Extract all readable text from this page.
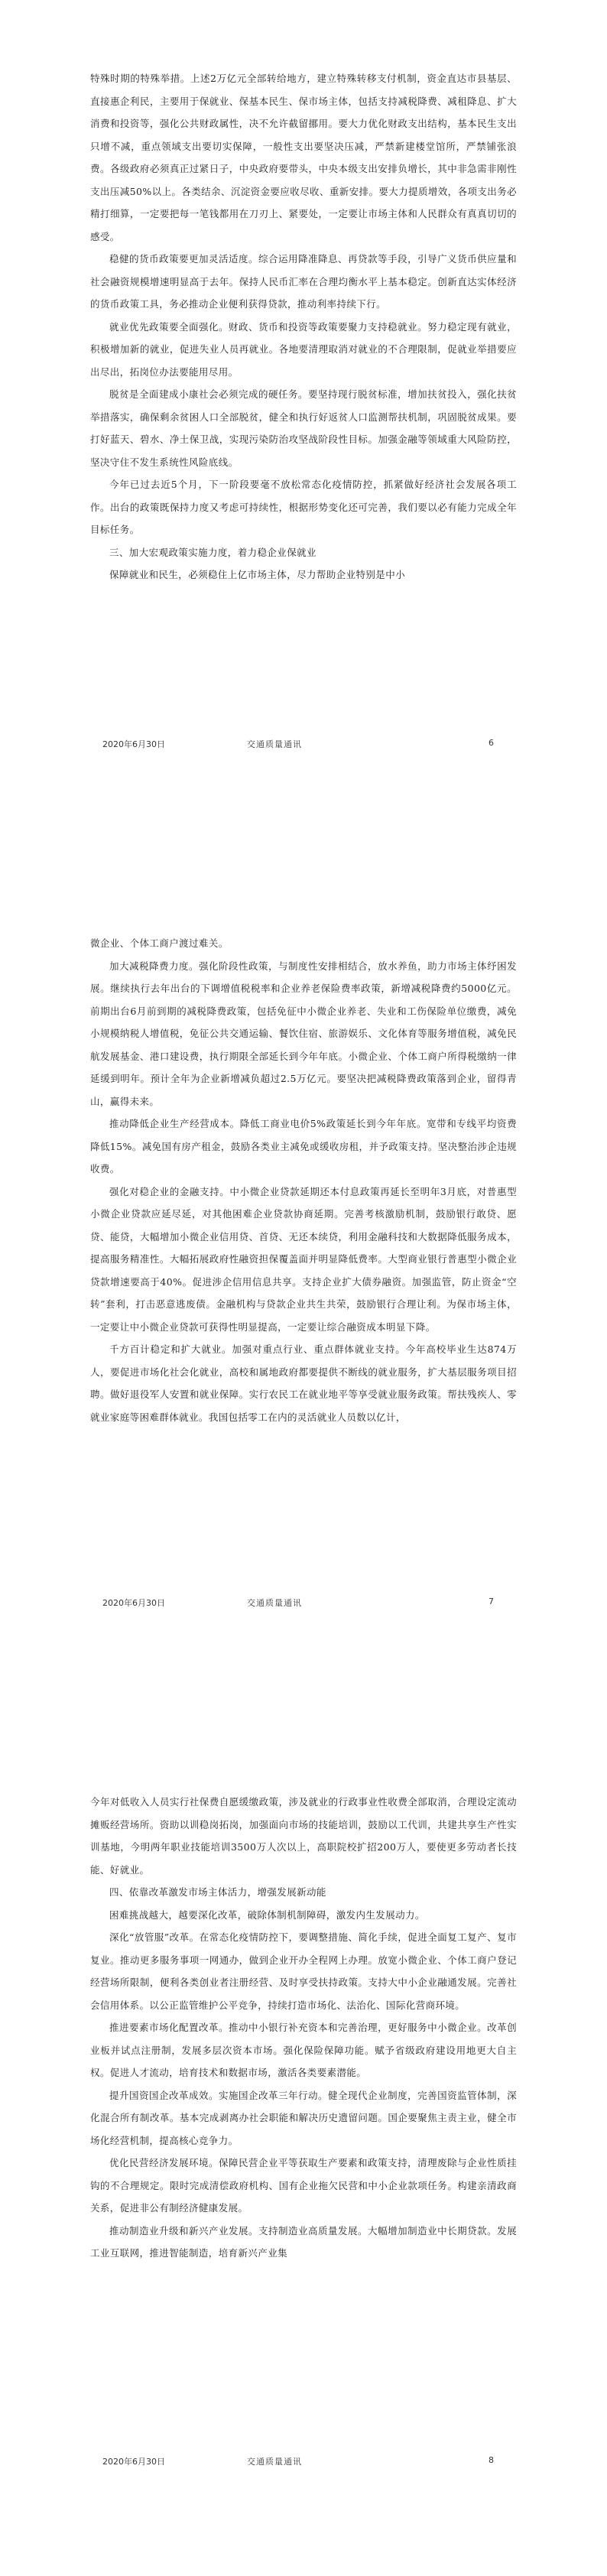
特殊时期的特殊举措。上述2万亿元全部转给地方，建立特殊转移支付机制，资金直达市县基层、直接惠企利民，主要用于保就业、保基本民生、保市场主体，包括支持减税降费、减租降息、扩大消费和投资等，强化公共财政属性，决不允许截留挪用。要大力优化财政支出结构，基本民生支出只增不减，重点领域支出要切实保障，一般性支出要坚决压减，严禁新建楼堂馆所，严禁铺张浪费。各级政府必须真正过紧日子，中央政府要带头，中央本级支出安排负增长，其中非急需非刚性支出压减50%以上。各类结余、沉淀资金要应收尽收、重新安排。要大力提质增效，各项支出务必精打细算，一定要把每一笔钱都用在刀刃上、紧要处，一定要让市场主体和人民群众有真真切切的感受。

稳健的货币政策要更加灵活适度。综合运用降准降息、再贷款等手段，引导广义货币供应量和社会融资规模增速明显高于去年。保持人民币汇率在合理均衡水平上基本稳定。创新直达实体经济的货币政策工具，务必推动企业便利获得贷款，推动利率持续下行。

就业优先政策要全面强化。财政、货币和投资等政策要聚力支持稳就业。努力稳定现有就业，积极增加新的就业，促进失业人员再就业。各地要清理取消对就业的不合理限制，促就业举措要应出尽出，拓岗位办法要能用尽用。

脱贫是全面建成小康社会必须完成的硬任务。要坚持现行脱贫标准，增加扶贫投入，强化扶贫举措落实，确保剩余贫困人口全部脱贫，健全和执行好返贫人口监测帮扶机制，巩固脱贫成果。要打好蓝天、碧水、净土保卫战，实现污染防治攻坚战阶段性目标。加强金融等领域重大风险防控，坚决守住不发生系统性风险底线。

今年已过去近5个月，下一阶段要毫不放松常态化疫情防控，抓紧做好经济社会发展各项工作。出台的政策既保持力度又考虑可持续性，根据形势变化还可完善，我们要以必有能力完成全年目标任务。

三、加大宏观政策实施力度，着力稳企业保就业

保障就业和民生，必须稳住上亿市场主体，尽力帮助企业特别是中小

2020年6月30日	交通质量通讯	6

微企业、个体工商户渡过难关。

加大减税降费力度。强化阶段性政策，与制度性安排相结合，放水养鱼，助力市场主体纾困发展。继续执行去年出台的下调增值税税率和企业养老保险费率政策，新增减税降费约5000亿元。前期出台6月前到期的减税降费政策，包括免征中小微企业养老、失业和工伤保险单位缴费，减免小规模纳税人增值税，免征公共交通运输、餐饮住宿、旅游娱乐、文化体育等服务增值税，减免民航发展基金、港口建设费，执行期限全部延长到今年年底。小微企业、个体工商户所得税缴纳一律延缓到明年。预计全年为企业新增减负超过2.5万亿元。要坚决把减税降费政策落到企业，留得青山，赢得未来。

推动降低企业生产经营成本。降低工商业电价5%政策延长到今年年底。宽带和专线平均资费降低15%。减免国有房产租金，鼓励各类业主减免或缓收房租，并予政策支持。坚决整治涉企违规收费。

强化对稳企业的金融支持。中小微企业贷款延期还本付息政策再延长至明年3月底，对普惠型小微企业贷款应延尽延，对其他困难企业贷款协商延期。完善考核激励机制，鼓励银行敢贷、愿贷、能贷，大幅增加小微企业信用贷、首贷、无还本续贷，利用金融科技和大数据降低服务成本，提高服务精准性。大幅拓展政府性融资担保覆盖面并明显降低费率。大型商业银行普惠型小微企业贷款增速要高于40%。促进涉企信用信息共享。支持企业扩大债券融资。加强监管，防止资金“空转”套利，打击恶意逃废债。金融机构与贷款企业共生共荣，鼓励银行合理让利。为保市场主体，一定要让中小微企业贷款可获得性明显提高，一定要让综合融资成本明显下降。

千方百计稳定和扩大就业。加强对重点行业、重点群体就业支持。今年高校毕业生达874万人，要促进市场化社会化就业，高校和属地政府都要提供不断线的就业服务，扩大基层服务项目招聘。做好退役军人安置和就业保障。实行农民工在就业地平等享受就业服务政策。帮扶残疾人、零就业家庭等困难群体就业。我国包括零工在内的灵活就业人员数以亿计，

2020年6月30日	交通质量通讯	7

今年对低收入人员实行社保费自愿缓缴政策，涉及就业的行政事业性收费全部取消，合理设定流动摊贩经营场所。资助以训稳岗拓岗，加强面向市场的技能培训，鼓励以工代训，共建共享生产性实训基地，今明两年职业技能培训3500万人次以上，高职院校扩招200万人，要使更多劳动者长技能、好就业。

四、依靠改革激发市场主体活力，增强发展新动能

困难挑战越大，越要深化改革，破除体制机制障碍，激发内生发展动力。

深化“放管服”改革。在常态化疫情防控下，要调整措施、简化手续，促进全面复工复产、复市复业。推动更多服务事项一网通办，做到企业开办全程网上办理。放宽小微企业、个体工商户登记经营场所限制，便利各类创业者注册经营、及时享受扶持政策。支持大中小企业融通发展。完善社会信用体系。以公正监管维护公平竞争，持续打造市场化、法治化、国际化营商环境。

推进要素市场化配置改革。推动中小银行补充资本和完善治理，更好服务中小微企业。改革创业板并试点注册制，发展多层次资本市场。强化保险保障功能。赋予省级政府建设用地更大自主权。促进人才流动，培育技术和数据市场，激活各类要素潜能。

提升国资国企改革成效。实施国企改革三年行动。健全现代企业制度，完善国资监管体制，深化混合所有制改革。基本完成剥离办社会职能和解决历史遗留问题。国企要聚焦主责主业，健全市场化经营机制，提高核心竞争力。

优化民营经济发展环境。保障民营企业平等获取生产要素和政策支持，清理废除与企业性质挂钩的不合理规定。限时完成清偿政府机构、国有企业拖欠民营和中小企业款项任务。构建亲清政商关系，促进非公有制经济健康发展。

推动制造业升级和新兴产业发展。支持制造业高质量发展。大幅增加制造业中长期贷款。发展工业互联网，推进智能制造，培育新兴产业集

2020年6月30日	交通质量通讯	8
